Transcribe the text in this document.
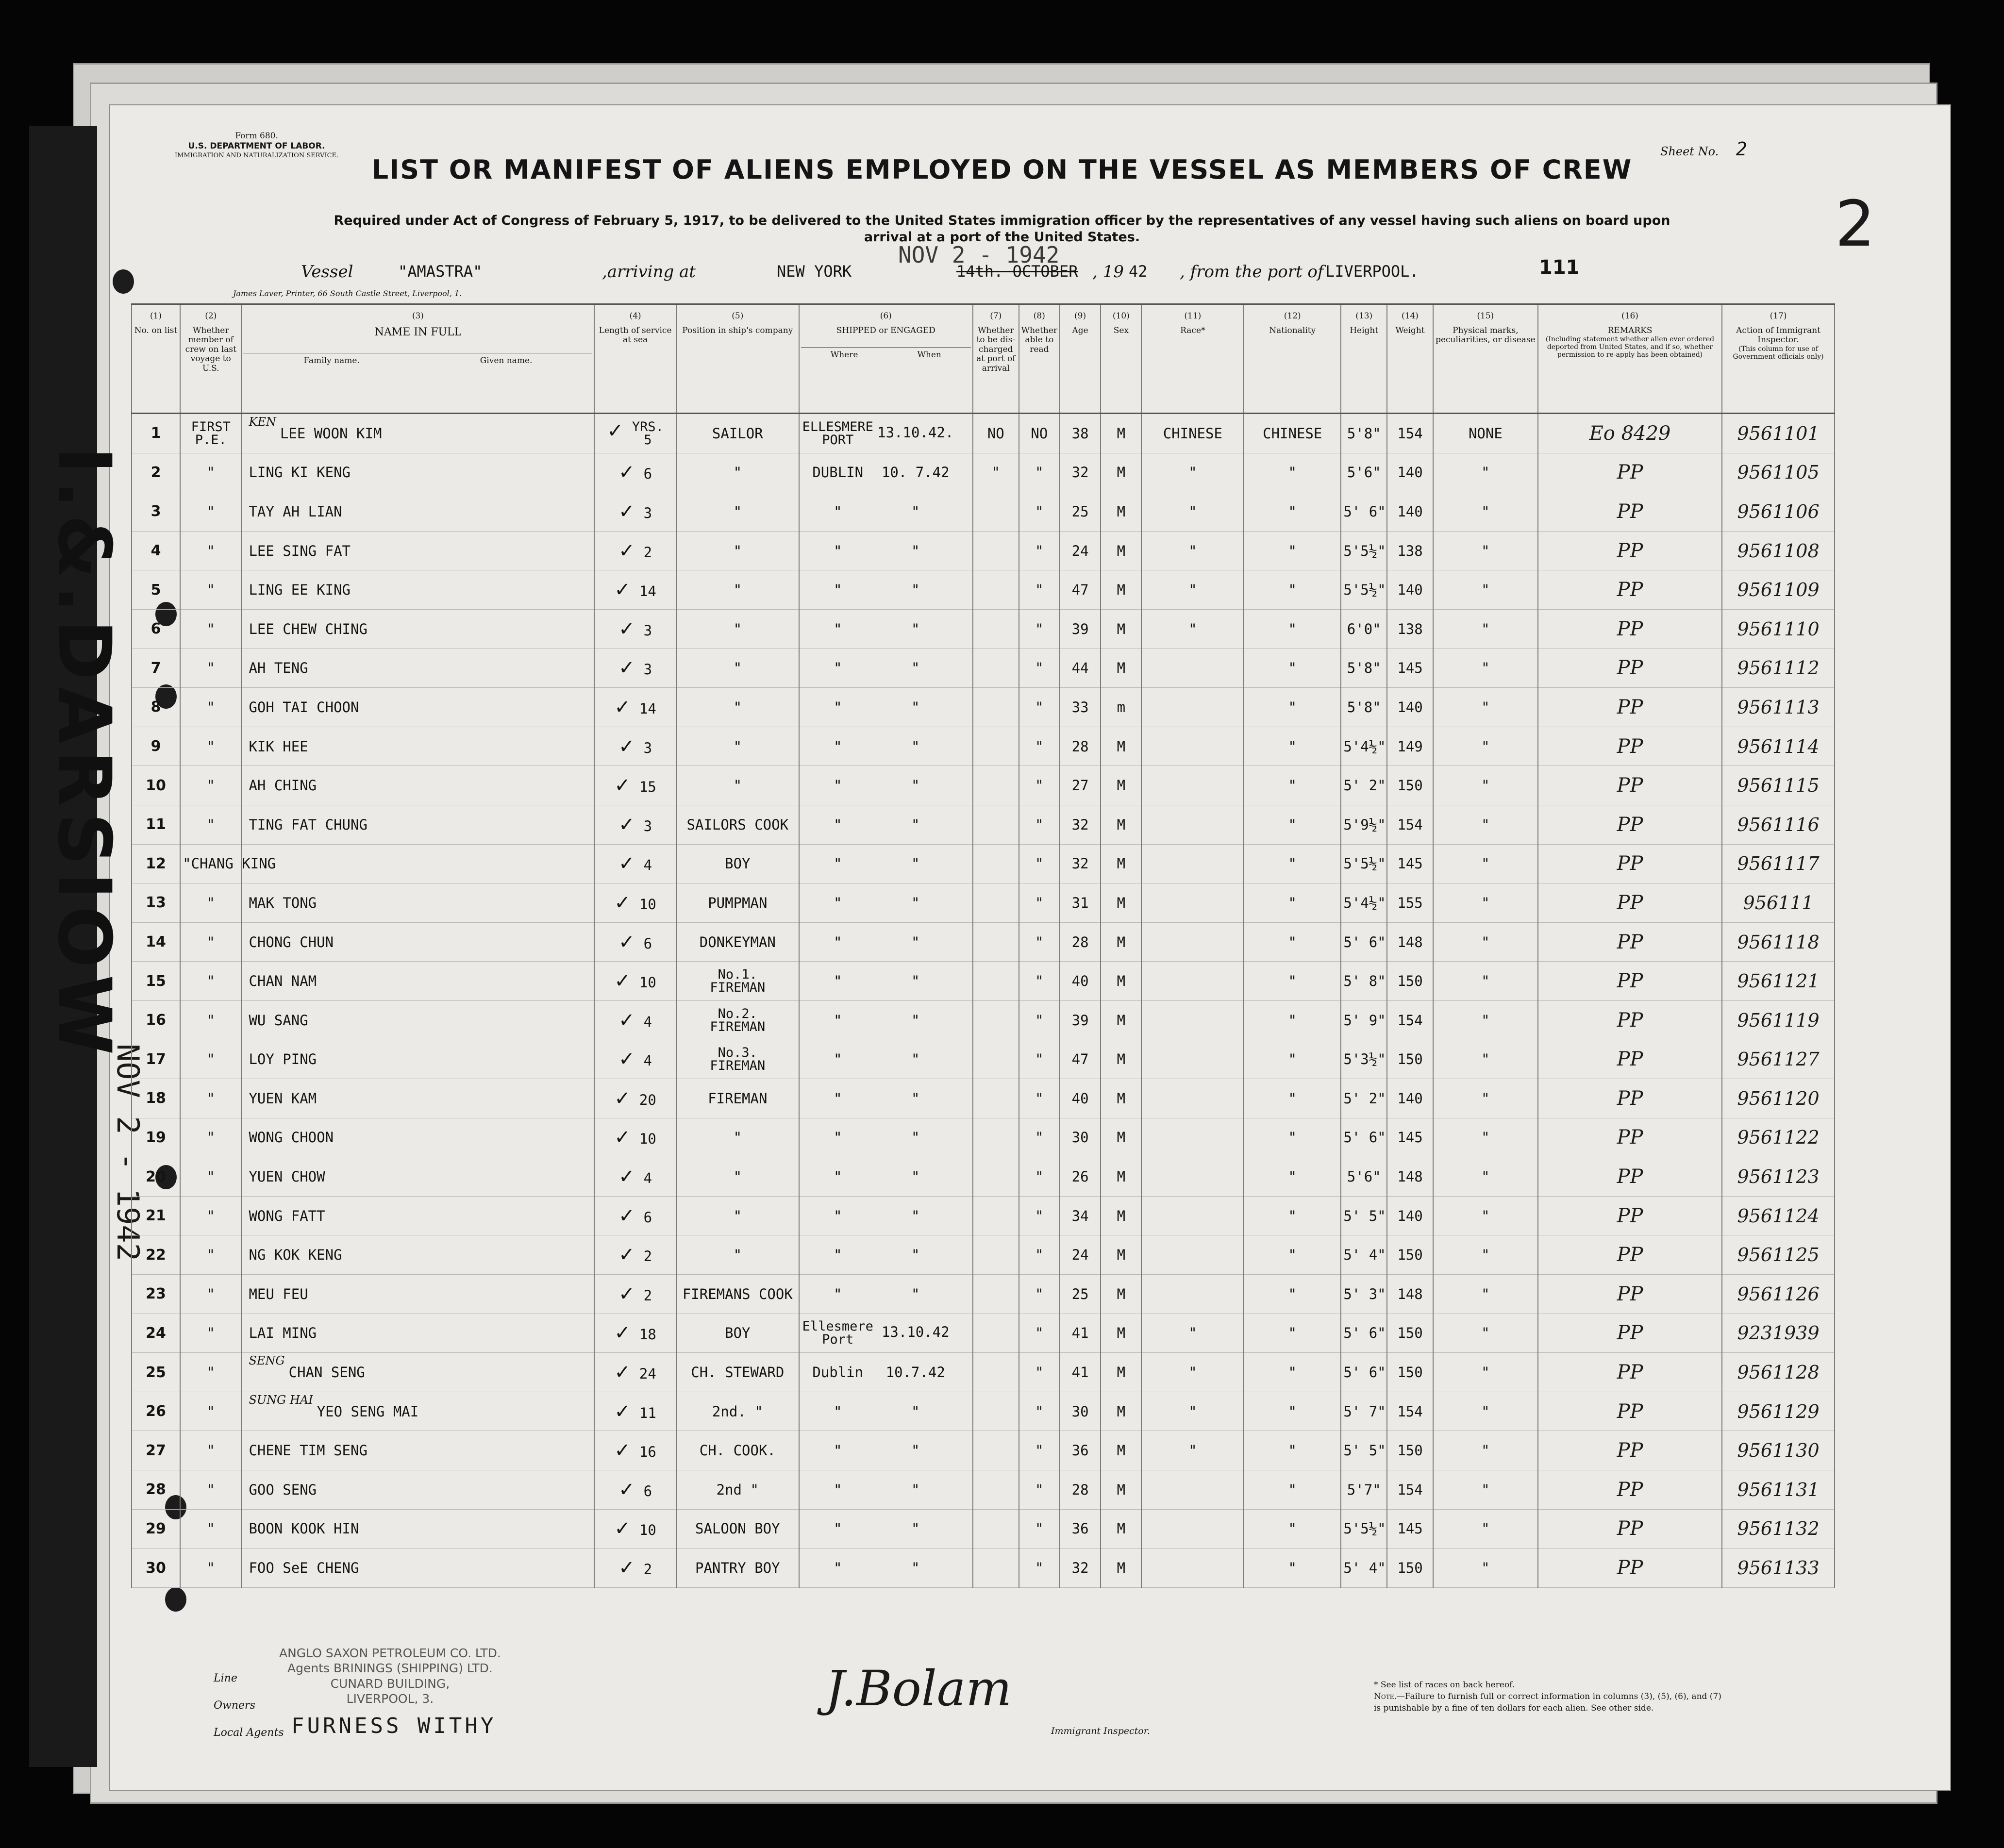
I.&.DARSIOW
NOV 2 - 1942
Form 680.
U.S. DEPARTMENT OF LABOR.
IMMIGRATION AND NATURALIZATION SERVICE.
James Laver, Printer, 66 South Castle Street, Liverpool, 1.
LIST OR MANIFEST OF ALIENS EMPLOYED ON THE VESSEL AS MEMBERS OF CREW
Required under Act of Congress of February 5, 1917, to be delivered to the United States immigration officer by the representatives of any vessel having such aliens on board upon arrival at a port of the United States.
Sheet No. 2
2
NOV 2 - 1942
Vessel	"AMASTRA"	,arriving at	NEW YORK	14th. OCTOBER , 19 42 , from the port of LIVERPOOL.	111
(1)
No. on list	(2)
Whether member of crew on last voyage to U.S.	(3)
NAME IN FULL
Family name. Given name.	(4)
Length of service at sea	(5)
Position in ship's company	(6)
SHIPPED or ENGAGED
Where When	(7)
Whether to be dis-charged at port of arrival	(8)
Whether able to read	(9)
Age	(10)
Sex	(11)
Race*	(12)
Nationality	(13)
Height	(14)
Weight	(15)
Physical marks, peculiarities, or disease	(16)
REMARKS
(Including statement whether alien ever ordered deported from United States, and if so, whether permission to re-apply has been obtained)	(17)
Action of Immigrant Inspector.
(This column for use of Government officials only)

1	FIRST
P.E.	$^{KEN}$LEE WOON KIM	✓ YRS.
5	SAILOR	ELLESMERE
PORT 13.10.42.	NO	NO	38	M	CHINESE	CHINESE	5'8"	154	NONE	Eo 8429	9561101
2	"	LING KI KENG	✓ 6	"	DUBLIN 10. 7.42	"	"	32	M	"	"	5'6"	140	"	PP	9561105
3	"	TAY AH LIAN	✓ 3	"	" "		"	25	M	"	"	5' 6"	140	"	PP	9561106
4	"	LEE SING FAT	✓ 2	"	" "		"	24	M	"	"	5'5½"	138	"	PP	9561108
5	"	LING EE KING	✓ 14	"	" "		"	47	M	"	"	5'5½"	140	"	PP	9561109
6	"	LEE CHEW CHING	✓ 3	"	" "		"	39	M	"	"	6'0"	138	"	PP	9561110
7	"	AH TENG	✓ 3	"	" "		"	44	M		"	5'8"	145	"	PP	9561112
8	"	GOH TAI CHOON	✓ 14	"	" "		"	33	m		"	5'8"	140	"	PP	9561113
9	"	KIK HEE	✓ 3	"	" "		"	28	M		"	5'4½"	149	"	PP	9561114
10	"	AH CHING	✓ 15	"	" "		"	27	M		"	5' 2"	150	"	PP	9561115
11	"	TING FAT CHUNG	✓ 3	SAILORS COOK	" "		"	32	M		"	5'9½"	154	"	PP	9561116
12	"CHANG KING		✓ 4	BOY	" "		"	32	M		"	5'5½"	145	"	PP	9561117
13	"	MAK TONG	✓ 10	PUMPMAN	" "		"	31	M		"	5'4½"	155	"	PP	956111
14	"	CHONG CHUN	✓ 6	DONKEYMAN	" "		"	28	M		"	5' 6"	148	"	PP	9561118
15	"	CHAN NAM	✓ 10	No.1.
FIREMAN	" "		"	40	M		"	5' 8"	150	"	PP	9561121
16	"	WU SANG	✓ 4	No.2.
FIREMAN	" "		"	39	M		"	5' 9"	154	"	PP	9561119
17	"	LOY PING	✓ 4	No.3.
FIREMAN	" "		"	47	M		"	5'3½"	150	"	PP	9561127
18	"	YUEN KAM	✓ 20	FIREMAN	" "		"	40	M		"	5' 2"	140	"	PP	9561120
19	"	WONG CHOON	✓ 10	"	" "		"	30	M		"	5' 6"	145	"	PP	9561122
20	"	YUEN CHOW	✓ 4	"	" "		"	26	M		"	5'6"	148	"	PP	9561123
21	"	WONG FATT	✓ 6	"	" "		"	34	M		"	5' 5"	140	"	PP	9561124
22	"	NG KOK KENG	✓ 2	"	" "		"	24	M		"	5' 4"	150	"	PP	9561125
23	"	MEU FEU	✓ 2	FIREMANS COOK	" "		"	25	M		"	5' 3"	148	"	PP	9561126
24	"	LAI MING	✓ 18	BOY	Ellesmere
Port 13.10.42		"	41	M	"	"	5' 6"	150	"	PP	9231939
25	"	$^{SENG}$CHAN SENG	✓ 24	CH. STEWARD	Dublin 10.7.42		"	41	M	"	"	5' 6"	150	"	PP	9561128
26	"	$^{SUNG HAI}$YEO SENG MAI	✓ 11	2nd. "	" "		"	30	M	"	"	5' 7"	154	"	PP	9561129
27	"	CHENE TIM SENG	✓ 16	CH. COOK.	" "		"	36	M	"	"	5' 5"	150	"	PP	9561130
28	"	GOO SENG	✓ 6	2nd "	" "		"	28	M		"	5'7"	154	"	PP	9561131
29	"	BOON KOOK HIN	✓ 10	SALOON BOY	" "		"	36	M		"	5'5½"	145	"	PP	9561132
30	"	FOO SeE CHENG	✓ 2	PANTRY BOY	" "		"	32	M		"	5' 4"	150	"	PP	9561133
Line
Owners
Local Agents
ANGLO SAXON PETROLEUM CO. LTD.
Agents BRININGS (SHIPPING) LTD.
CUNARD BUILDING,
LIVERPOOL, 3.
FURNESS WITHY
J.Bolam
Immigrant Inspector.
* See list of races on back hereof.
Note.—Failure to furnish full or correct information in columns (3), (5), (6), and (7) is punishable by a fine of ten dollars for each alien. See other side.
